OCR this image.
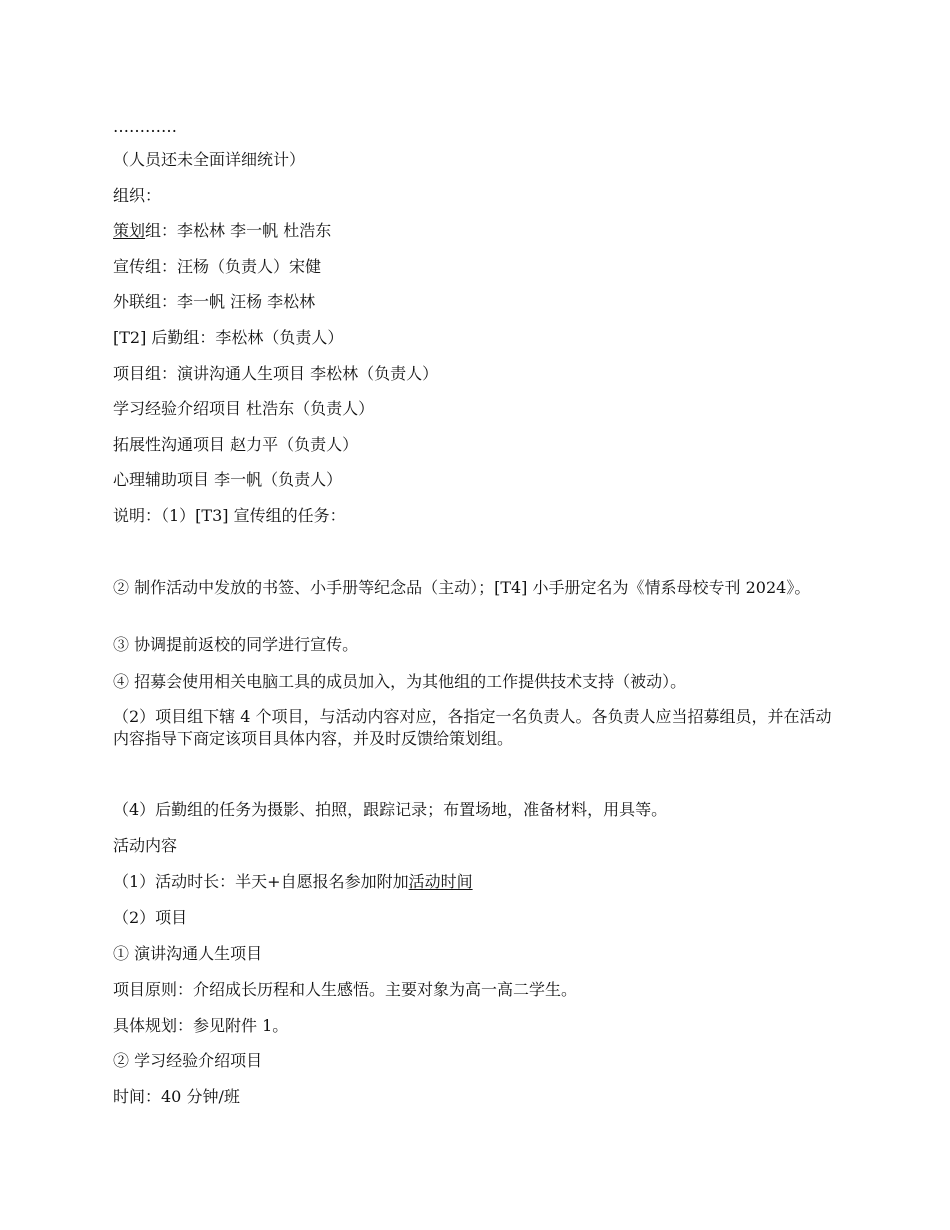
…………
（人员还未全面详细统计）
组织：
策划组：李松林 李一帆 杜浩东
宣传组：汪杨（负责人）宋健
外联组：李一帆 汪杨 李松林
[T2] 后勤组：李松林（负责人）
项目组：演讲沟通人生项目 李松林（负责人）
学习经验介绍项目 杜浩东（负责人）
拓展性沟通项目 赵力平（负责人）
心理辅助项目 李一帆（负责人）
说明：（1）[T3] 宣传组的任务：
② 制作活动中发放的书签、小手册等纪念品（主动）；[T4] 小手册定名为《情系母校专刊 2024》。
③ 协调提前返校的同学进行宣传。
④ 招募会使用相关电脑工具的成员加入，为其他组的工作提供技术支持（被动）。
（2）项目组下辖 4 个项目，与活动内容对应，各指定一名负责人。各负责人应当招募组员，并在活动内容指导下商定该项目具体内容，并及时反馈给策划组。
（4）后勤组的任务为摄影、拍照，跟踪记录；布置场地，准备材料，用具等。
活动内容
（1）活动时长：半天+自愿报名参加附加活动时间
（2）项目
① 演讲沟通人生项目
项目原则：介绍成长历程和人生感悟。主要对象为高一高二学生。
具体规划：参见附件 1。
② 学习经验介绍项目
时间：40 分钟/班
